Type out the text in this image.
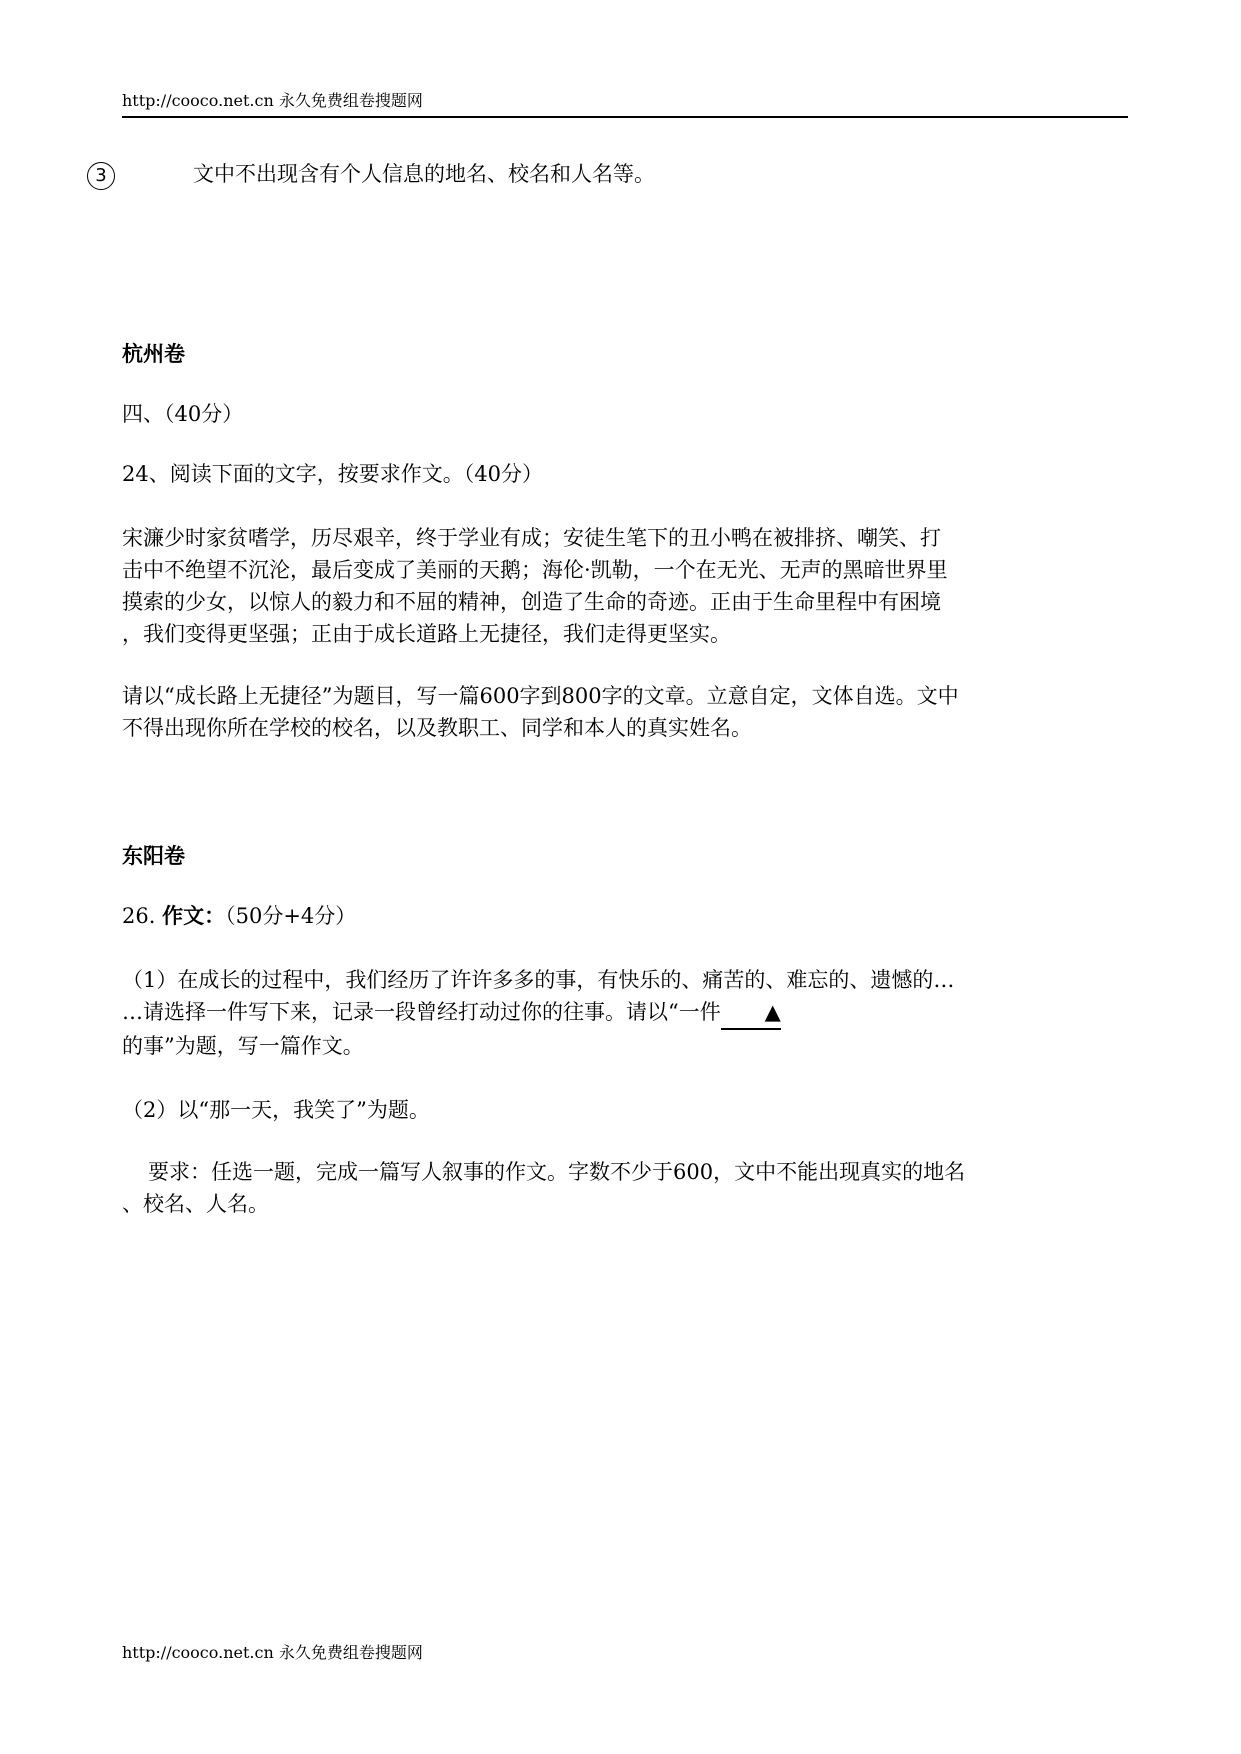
http://cooco.net.cn 永久免费组卷搜题网
3	文中不出现含有个人信息的地名、校名和人名等。
杭州卷
四、（40分）
24、阅读下面的文字，按要求作文。（40分）
宋濂少时家贫嗜学，历尽艰辛，终于学业有成；安徒生笔下的丑小鸭在被排挤、嘲笑、打
击中不绝望不沉沦，最后变成了美丽的天鹅；海伦·凯勒，一个在无光、无声的黑暗世界里
摸索的少女，以惊人的毅力和不屈的精神，创造了生命的奇迹。正由于生命里程中有困境
，我们变得更坚强；正由于成长道路上无捷径，我们走得更坚实。
请以“成长路上无捷径”为题目，写一篇600字到800字的文章。立意自定，文体自选。文中
不得出现你所在学校的校名，以及教职工、同学和本人的真实姓名。
东阳卷
26. 作文：（50分+4分）
（1）在成长的过程中，我们经历了许许多多的事，有快乐的、痛苦的、难忘的、遗憾的…
…请选择一件写下来，记录一段曾经打动过你的往事。请以“一件 ▲
的事”为题，写一篇作文。
（2）以“那一天，我笑了”为题。
要求：任选一题，完成一篇写人叙事的作文。字数不少于600，文中不能出现真实的地名
、校名、人名。
http://cooco.net.cn 永久免费组卷搜题网
